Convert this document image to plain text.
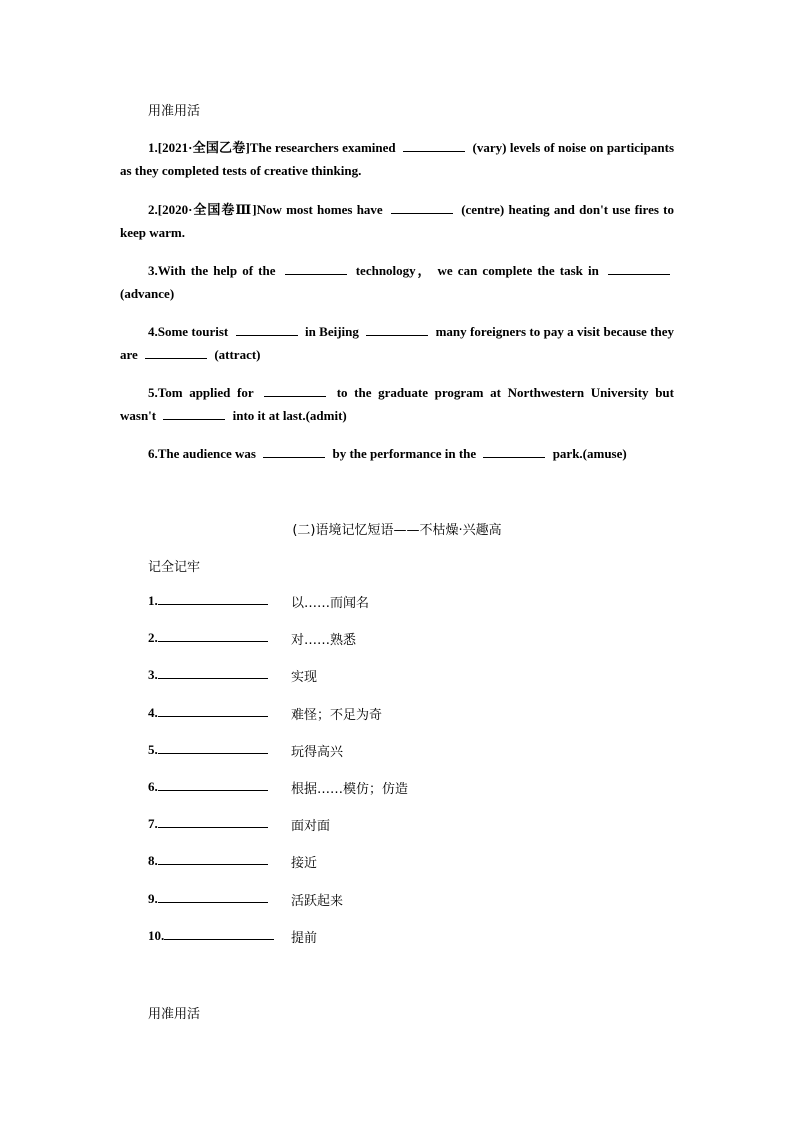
用准用活
1.[2021·全国乙卷]The researchers examined	(vary) levels of noise on participants as they completed tests of creative thinking.
2.[2020·全国卷Ⅲ]Now most homes have	(centre) heating and don't use fires to keep warm.
3.With the help of the	technology， we can complete the task in  (advance)
4.Some tourist	in Beijing	many foreigners to pay a visit because they are	(attract)
5.Tom applied for	to the graduate program at Northwestern University but wasn't	into it at last.(admit)
6.The audience was	by the performance in the	park.(amuse)
(二)语境记忆短语——不枯燥·兴趣高
记全记牢
1.	以……而闻名
2.	对……熟悉
3.	实现
4.	难怪；不足为奇
5.	玩得高兴
6.	根据……模仿；仿造
7.	面对面
8.	接近
9.	活跃起来
10.	提前
用准用活
